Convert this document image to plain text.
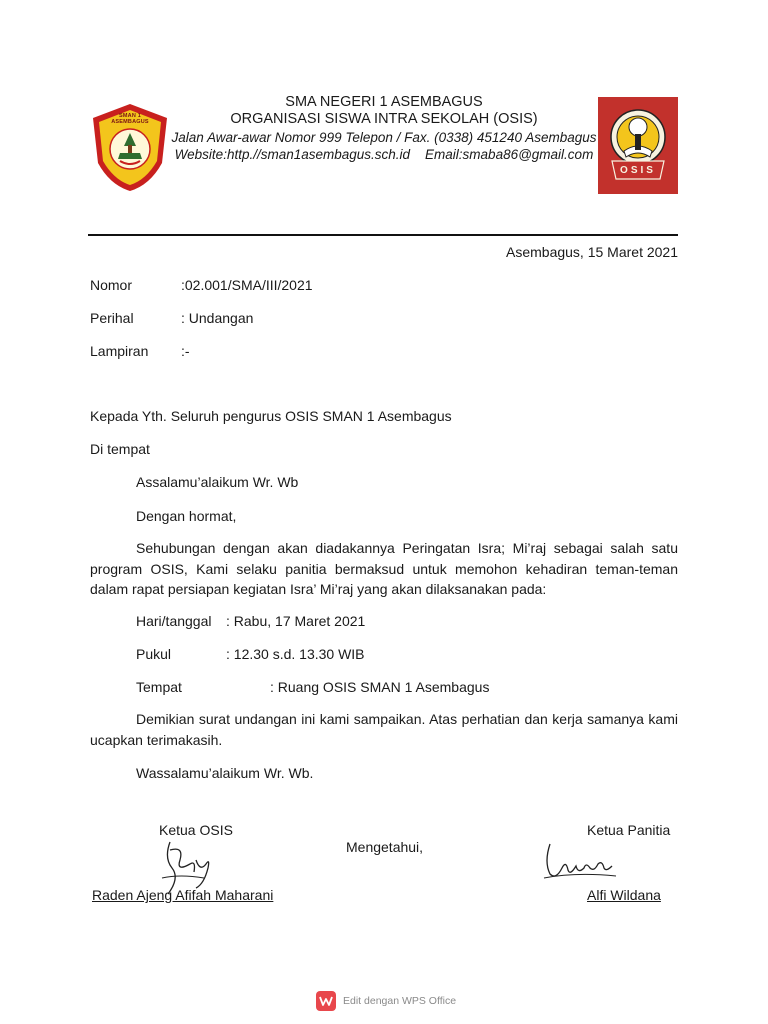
SMAN 1 ASEMBAGUS
OSIS
SMA NEGERI 1 ASEMBAGUS
ORGANISASI SISWA INTRA SEKOLAH (OSIS)
Jalan Awar-awar Nomor 999 Telepon / Fax. (0338) 451240 Asembagus
Website:http.//sman1asembagus.sch.id    Email:smaba86@gmail.com
Asembagus, 15 Maret 2021
Nomor	:02.001/SMA/III/2021
Perihal	: Undangan
Lampiran :-
Kepada Yth. Seluruh pengurus OSIS SMAN 1 Asembagus
Di tempat
Assalamu’alaikum Wr. Wb
Dengan hormat,
Sehubungan dengan akan diadakannya Peringatan Isra; Mi’raj sebagai salah satu program OSIS, Kami selaku panitia bermaksud untuk memohon kehadiran teman-teman dalam rapat persiapan kegiatan Isra’ Mi’raj yang akan dilaksanakan pada:
Hari/tanggal : Rabu, 17 Maret 2021
Pukul	: 12.30 s.d. 13.30 WIB
Tempat	: Ruang OSIS SMAN 1 Asembagus
Demikian surat undangan ini kami sampaikan. Atas perhatian dan kerja samanya kami ucapkan terimakasih.
Wassalamu’alaikum Wr. Wb.
Ketua OSIS
Mengetahui,
Ketua Panitia
Raden Ajeng Afifah Maharani	Alfi Wildana
Edit dengan WPS Office
